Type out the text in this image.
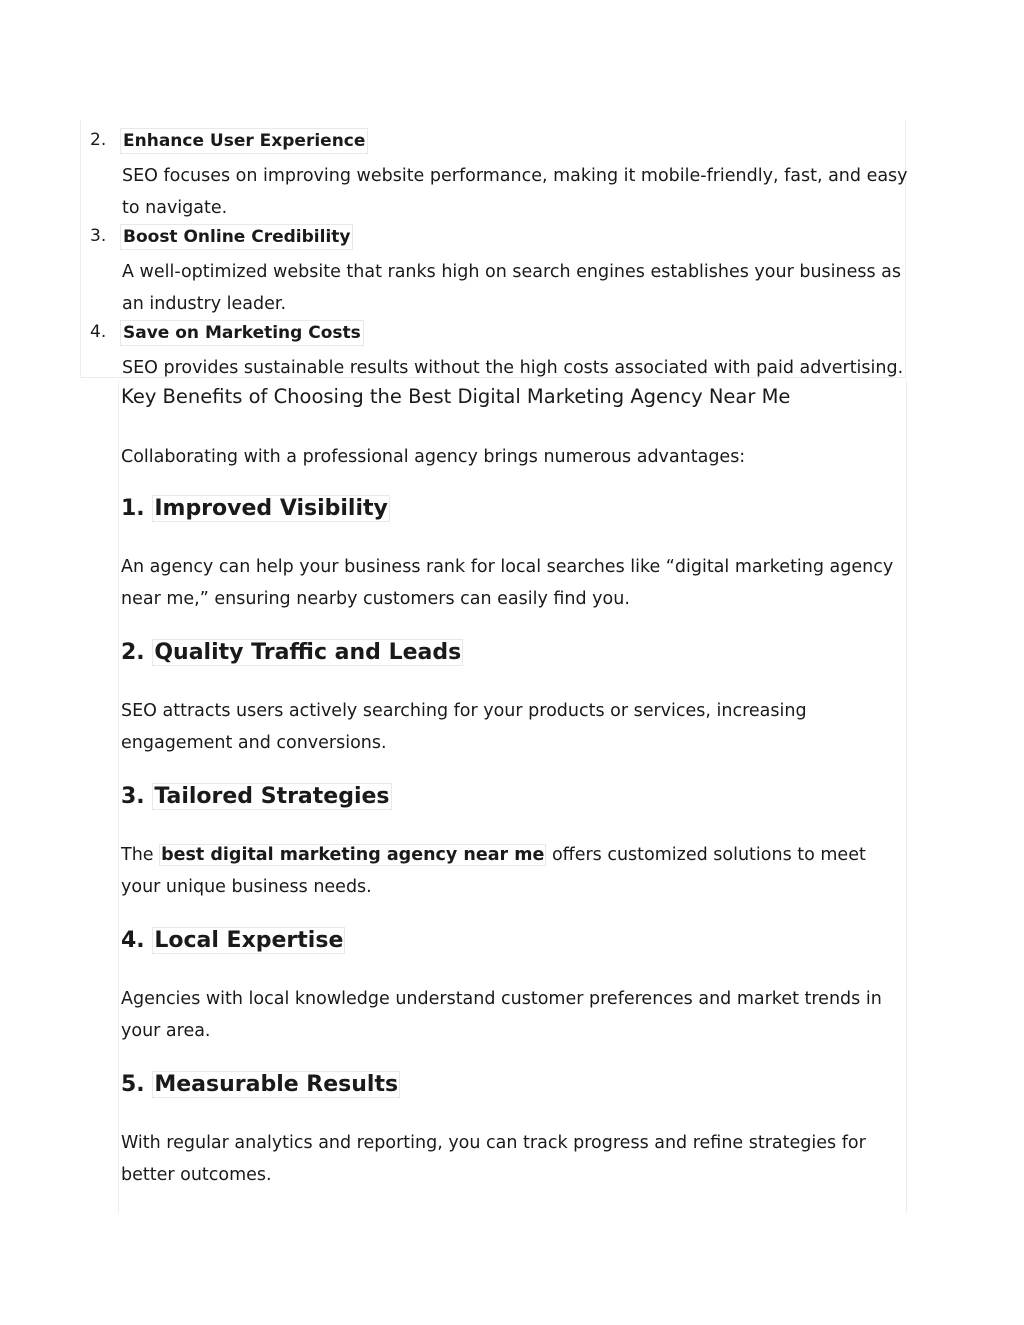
2. Enhance User Experience
SEO focuses on improving website performance, making it mobile-friendly, fast, and easy to navigate.
3. Boost Online Credibility
A well-optimized website that ranks high on search engines establishes your business as an industry leader.
4. Save on Marketing Costs
SEO provides sustainable results without the high costs associated with paid advertising.
Key Benefits of Choosing the Best Digital Marketing Agency Near Me
Collaborating with a professional agency brings numerous advantages:
1. Improved Visibility
An agency can help your business rank for local searches like “digital marketing agency near me,” ensuring nearby customers can easily find you.
2. Quality Traffic and Leads
SEO attracts users actively searching for your products or services, increasing engagement and conversions.
3. Tailored Strategies
The best digital marketing agency near me offers customized solutions to meet your unique business needs.
4. Local Expertise
Agencies with local knowledge understand customer preferences and market trends in your area.
5. Measurable Results
With regular analytics and reporting, you can track progress and refine strategies for better outcomes.
